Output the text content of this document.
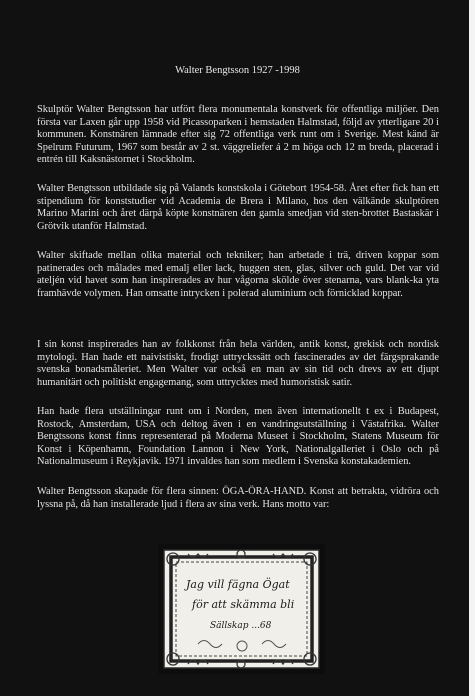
Walter Bengtsson 1927 -1998

Skulptör Walter Bengtsson har utfört flera monumentala konstverk för offentliga miljöer. Den första var Laxen går upp 1958 vid Picassoparken i hemstaden Halmstad, följd av ytterligare 20 i kommunen. Konstnären lämnade efter sig 72 offentliga verk runt om i Sverige. Mest känd är Spelrum Futurum, 1967 som består av 2 st. väggreliefer á 2 m höga och 12 m breda, placerad i entrén till Kaksnästornet i Stockholm.

Walter Bengtsson utbildade sig på Valands konstskola i Götebort 1954-58. Året efter fick han ett stipendium för konststudier vid Academia de Brera i Milano, hos den välkände skulptören Marino Marini och året därpå köpte konstnären den gamla smedjan vid sten-brottet Bastaskär i Grötvik utanför Halmstad.

Walter skiftade mellan olika material och tekniker; han arbetade i trä, driven koppar som patinerades och målades med emalj eller lack, huggen sten, glas, silver och guld. Det var vid ateljén vid havet som han inspirerades av hur vågorna skölde över stenarna, vars blank-ka yta framhävde volymen. Han omsatte intrycken i polerad aluminium och förnicklad koppar.

I sin konst inspirerades han av folkkonst från hela världen, antik konst, grekisk och nordisk mytologi. Han hade ett naivistiskt, frodigt uttryckssätt och fascinerades av det färgsprakande svenska bonadsmåleriet. Men Walter var också en man av sin tid och drevs av ett djupt humanitärt och politiskt engagemang, som uttrycktes med humoristisk satir.

Han hade flera utställningar runt om i Norden, men även internationellt t ex i Budapest, Rostock, Amsterdam, USA och deltog även i en vandringsutställning i Västafrika. Walter Bengtssons konst finns representerad på Moderna Museet i Stockholm, Statens Museum för Konst i Köpenhamn, Foundation Lannon i New York, Nationalgalleriet i Oslo och på Nationalmuseum i Reykjavik. 1971 invaldes han som medlem i Svenska konstakademien.

Walter Bengtsson skapade för flera sinnen: ÖGA-ÖRA-HAND. Konst att betrakta, vidröra och lyssna på, då han installerade ljud i flera av sina verk. Hans motto var:

Jag vill fägna Ögat
för att skämma bli
Sällskap ...68
